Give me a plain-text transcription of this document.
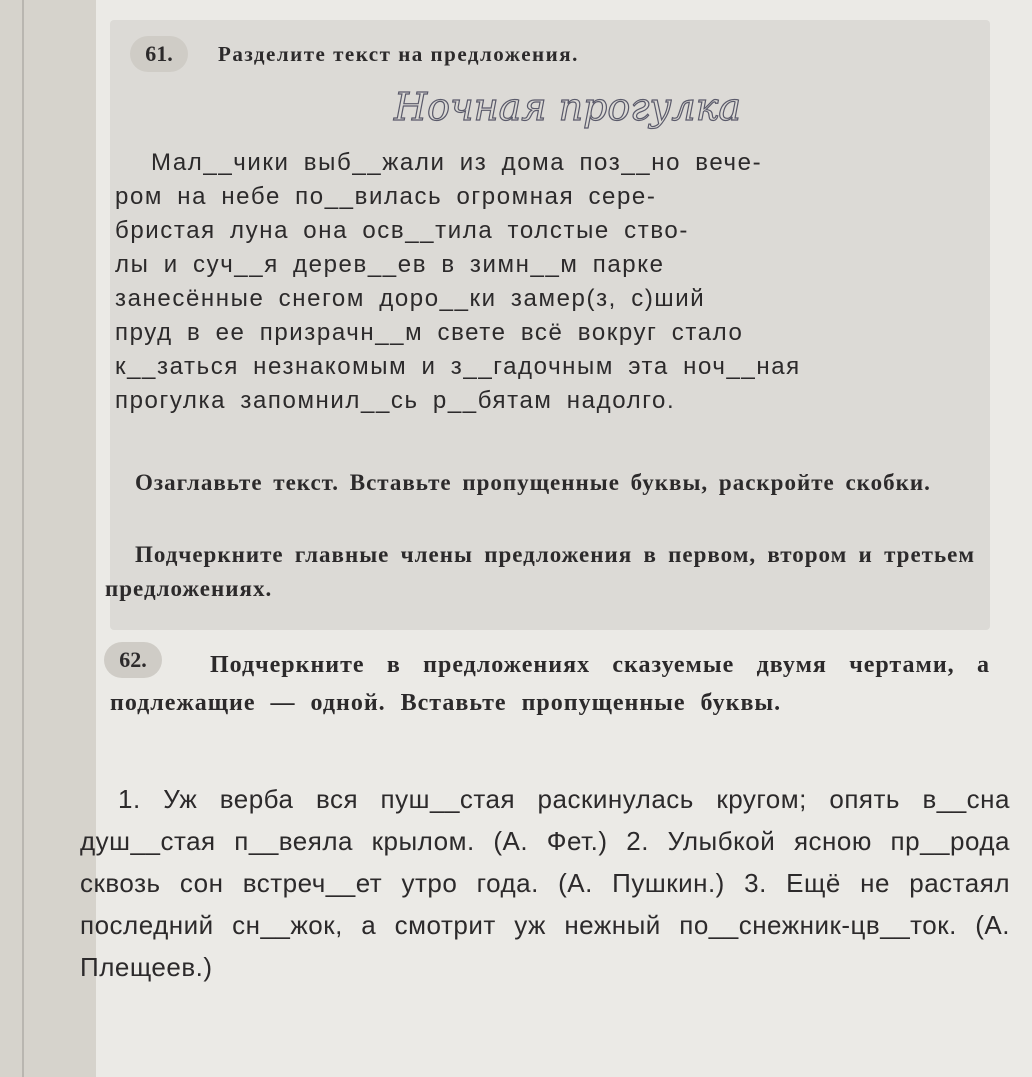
61.	Разделите текст на предложения.
Ночная прогулка
Мал__чики выб__жали из дома поз__но вече-
ром на небе по__вилась огромная сере-
бристая луна она осв__тила толстые ство-
лы и суч__я дерев__ев в зимн__м парке
занесённые снегом доро__ки замер(з, с)ший
пруд в ее призрачн__м свете всё вокруг стало
к__заться незнакомым и з__гадочным эта ноч__ная
прогулка запомнил__сь р__бятам надолго.
Озаглавьте текст. Вставьте пропущенные буквы, раскройте скобки.
Подчеркните главные члены предложения в первом, втором и третьем предложениях.
62.	Подчеркните в предложениях сказуемые двумя чертами, а подлежащие — одной. Вставьте пропущенные буквы.
1. Уж верба вся пуш__стая раскинулась кругом; опять в__сна душ__стая п__веяла крылом. (А. Фет.) 2. Улыбкой ясною пр__рода сквозь сон встреч__ет утро года. (А. Пушкин.) 3. Ещё не растаял последний сн__жок, а смотрит уж нежный по__снежник-цв__ток. (А. Плещеев.)
